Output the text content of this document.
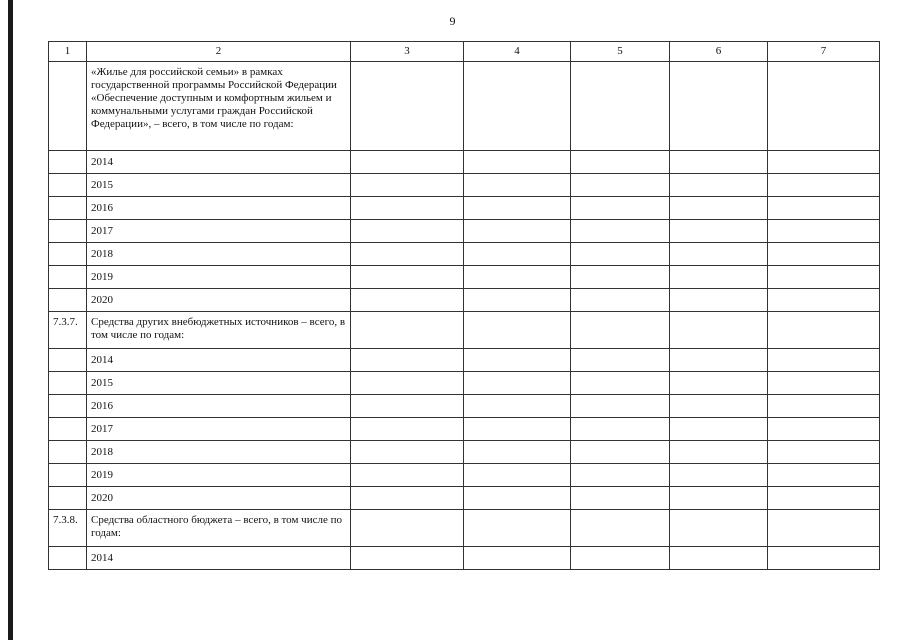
9
1	2	3	4	5	6	7
	«Жилье для российской семьи» в рамках государственной программы Российской Федерации «Обеспечение доступным и комфортным жильем и коммунальными услугами граждан Российской Федерации», – всего, в том числе по годам:					
	2014					
	2015					
	2016					
	2017					
	2018					
	2019					
	2020					
7.3.7.	Средства других внебюджетных источников – всего, в том числе по годам:					
	2014					
	2015					
	2016					
	2017					
	2018					
	2019					
	2020					
7.3.8.	Средства областного бюджета – всего, в том числе по годам:					
	2014					
